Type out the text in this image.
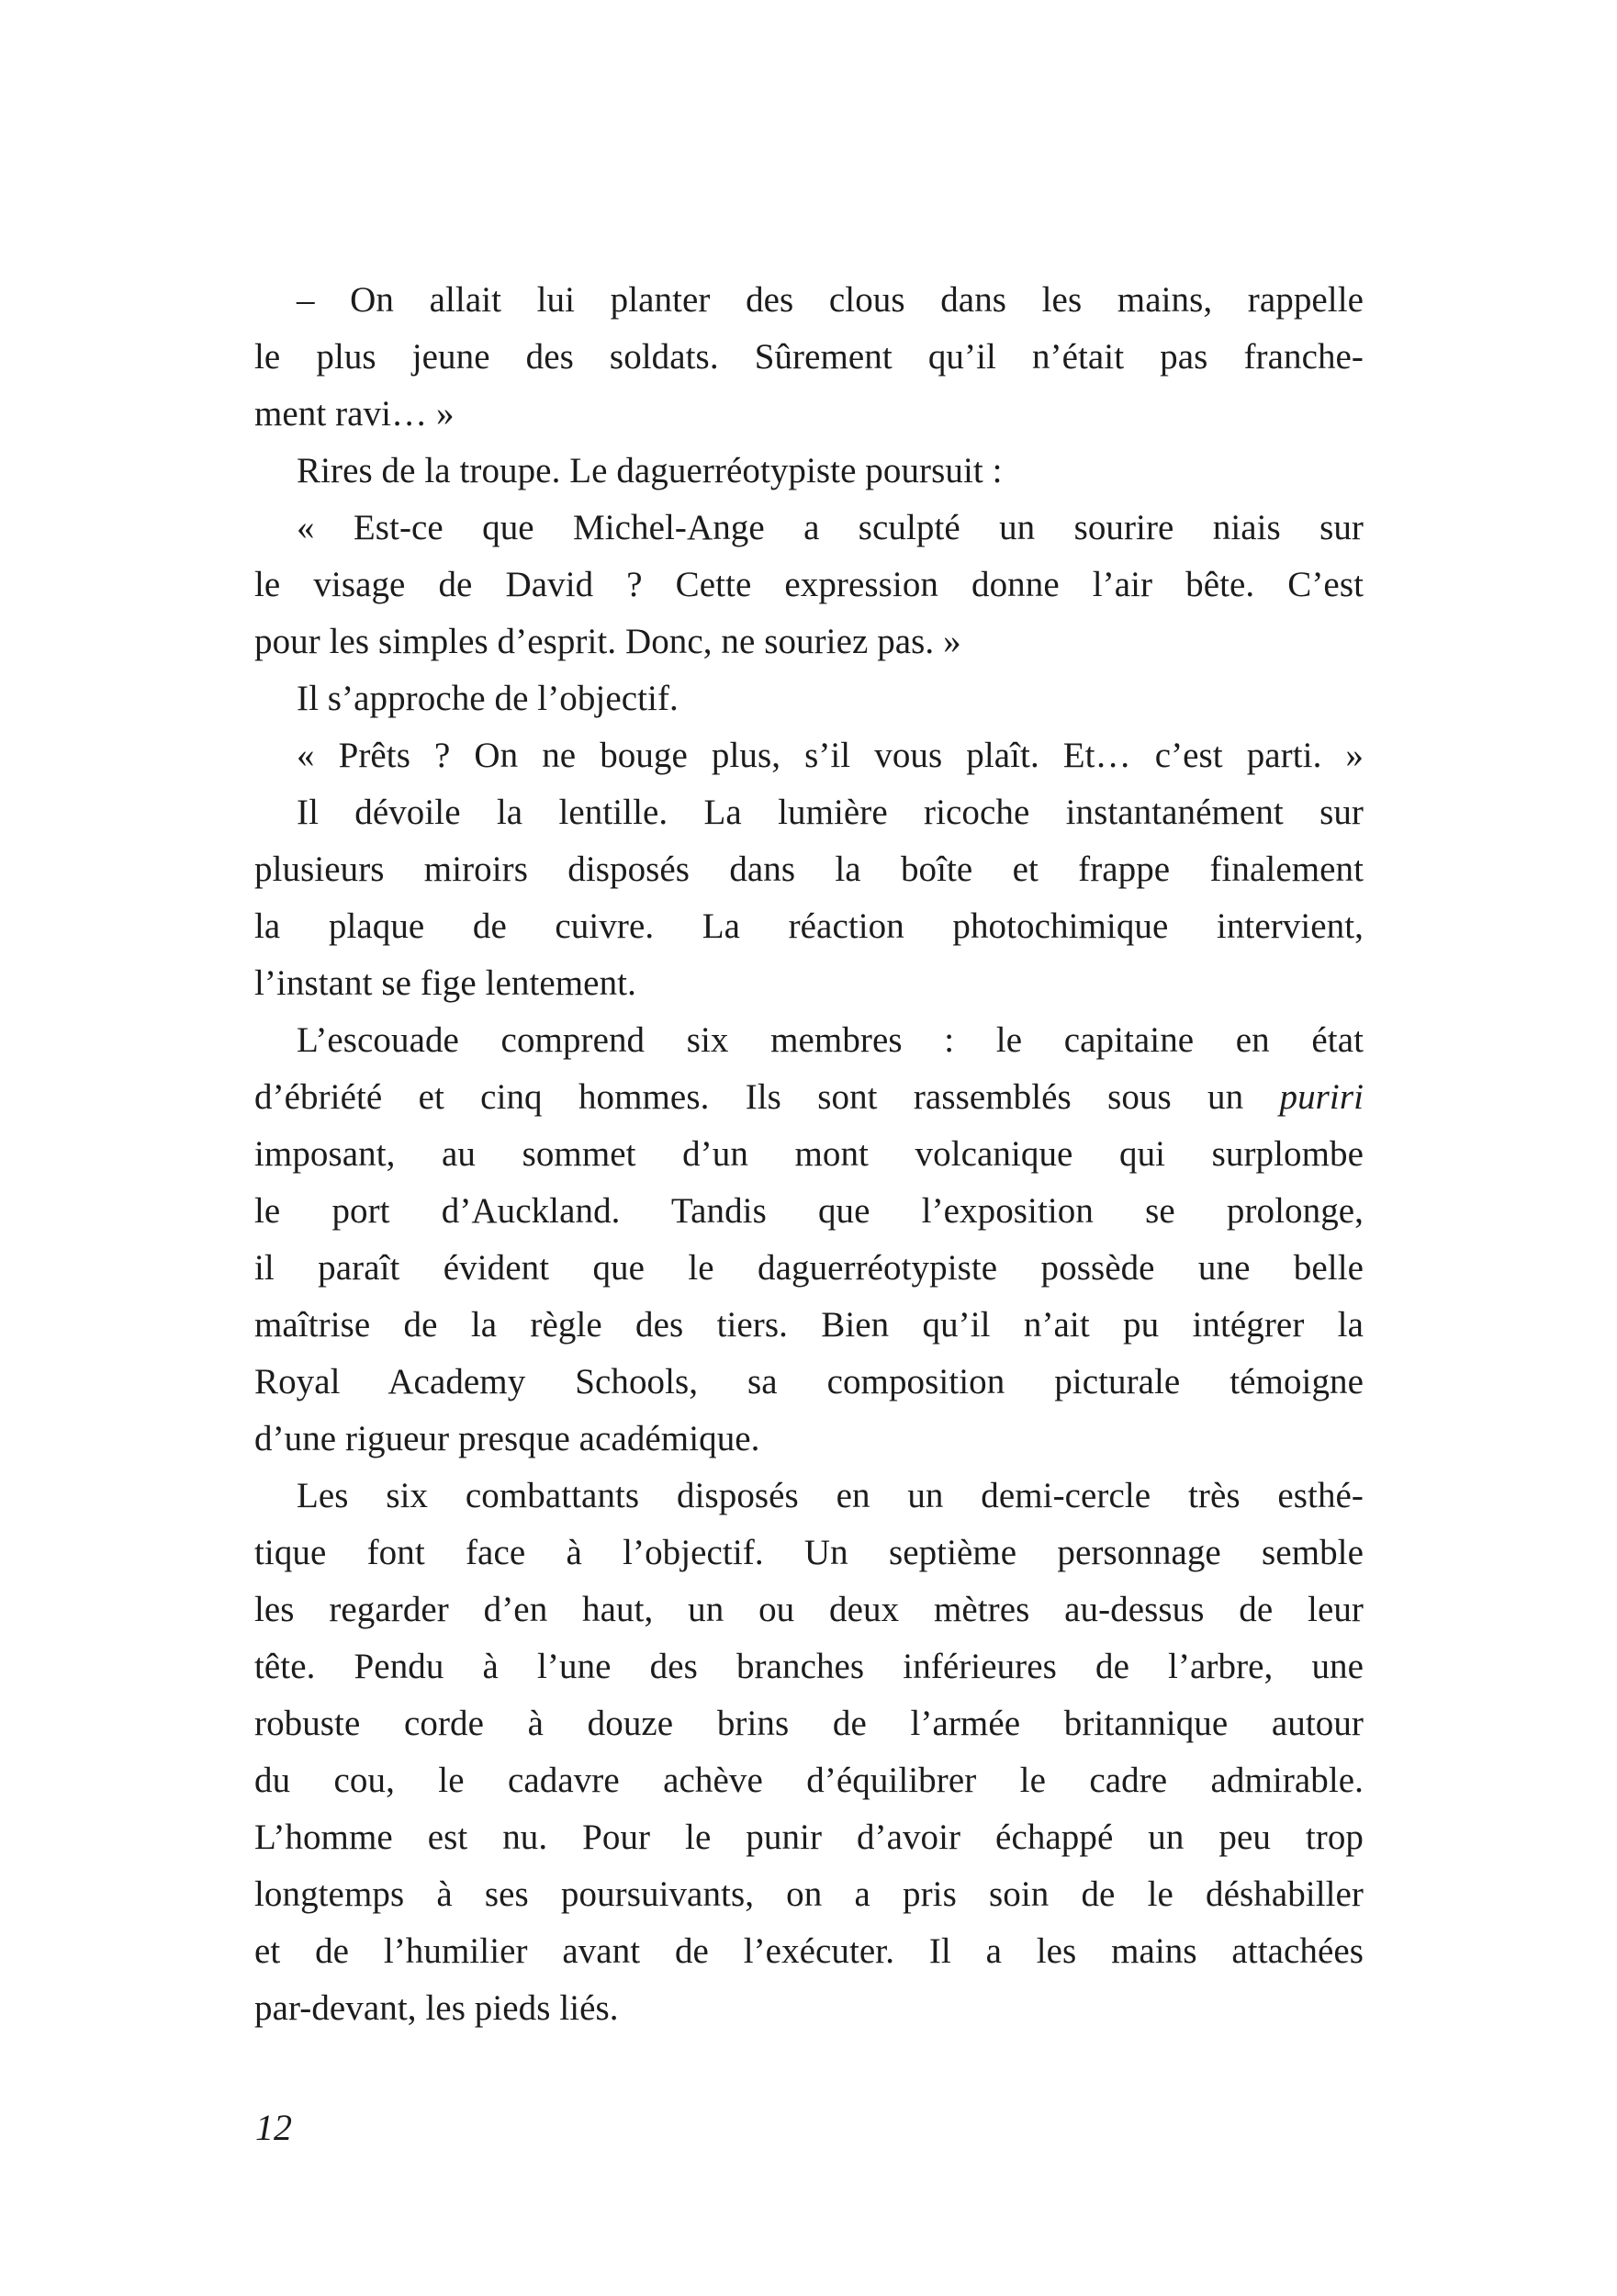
– On allait lui planter des clous dans les mains, rappelle

le plus jeune des soldats. Sûrement qu’il n’était pas franche-

ment ravi… »

Rires de la troupe. Le daguerréotypiste poursuit :

« Est-ce que Michel-Ange a sculpté un sourire niais sur

le visage de David ? Cette expression donne l’air bête. C’est

pour les simples d’esprit. Donc, ne souriez pas. »

Il s’approche de l’objectif.

« Prêts ? On ne bouge plus, s’il vous plaît. Et… c’est parti. »

Il dévoile la lentille. La lumière ricoche instantanément sur

plusieurs miroirs disposés dans la boîte et frappe finalement

la plaque de cuivre. La réaction photochimique intervient,

l’instant se fige lentement.

L’escouade comprend six membres : le capitaine en état

d’ébriété et cinq hommes. Ils sont rassemblés sous un puriri

imposant, au sommet d’un mont volcanique qui surplombe

le port d’Auckland. Tandis que l’exposition se prolonge,

il paraît évident que le daguerréotypiste possède une belle

maîtrise de la règle des tiers. Bien qu’il n’ait pu intégrer la

Royal Academy Schools, sa composition picturale témoigne

d’une rigueur presque académique.

Les six combattants disposés en un demi-cercle très esthé-

tique font face à l’objectif. Un septième personnage semble

les regarder d’en haut, un ou deux mètres au-dessus de leur

tête. Pendu à l’une des branches inférieures de l’arbre, une

robuste corde à douze brins de l’armée britannique autour

du cou, le cadavre achève d’équilibrer le cadre admirable.

L’homme est nu. Pour le punir d’avoir échappé un peu trop

longtemps à ses poursuivants, on a pris soin de le déshabiller

et de l’humilier avant de l’exécuter. Il a les mains attachées

par-devant, les pieds liés.

12
